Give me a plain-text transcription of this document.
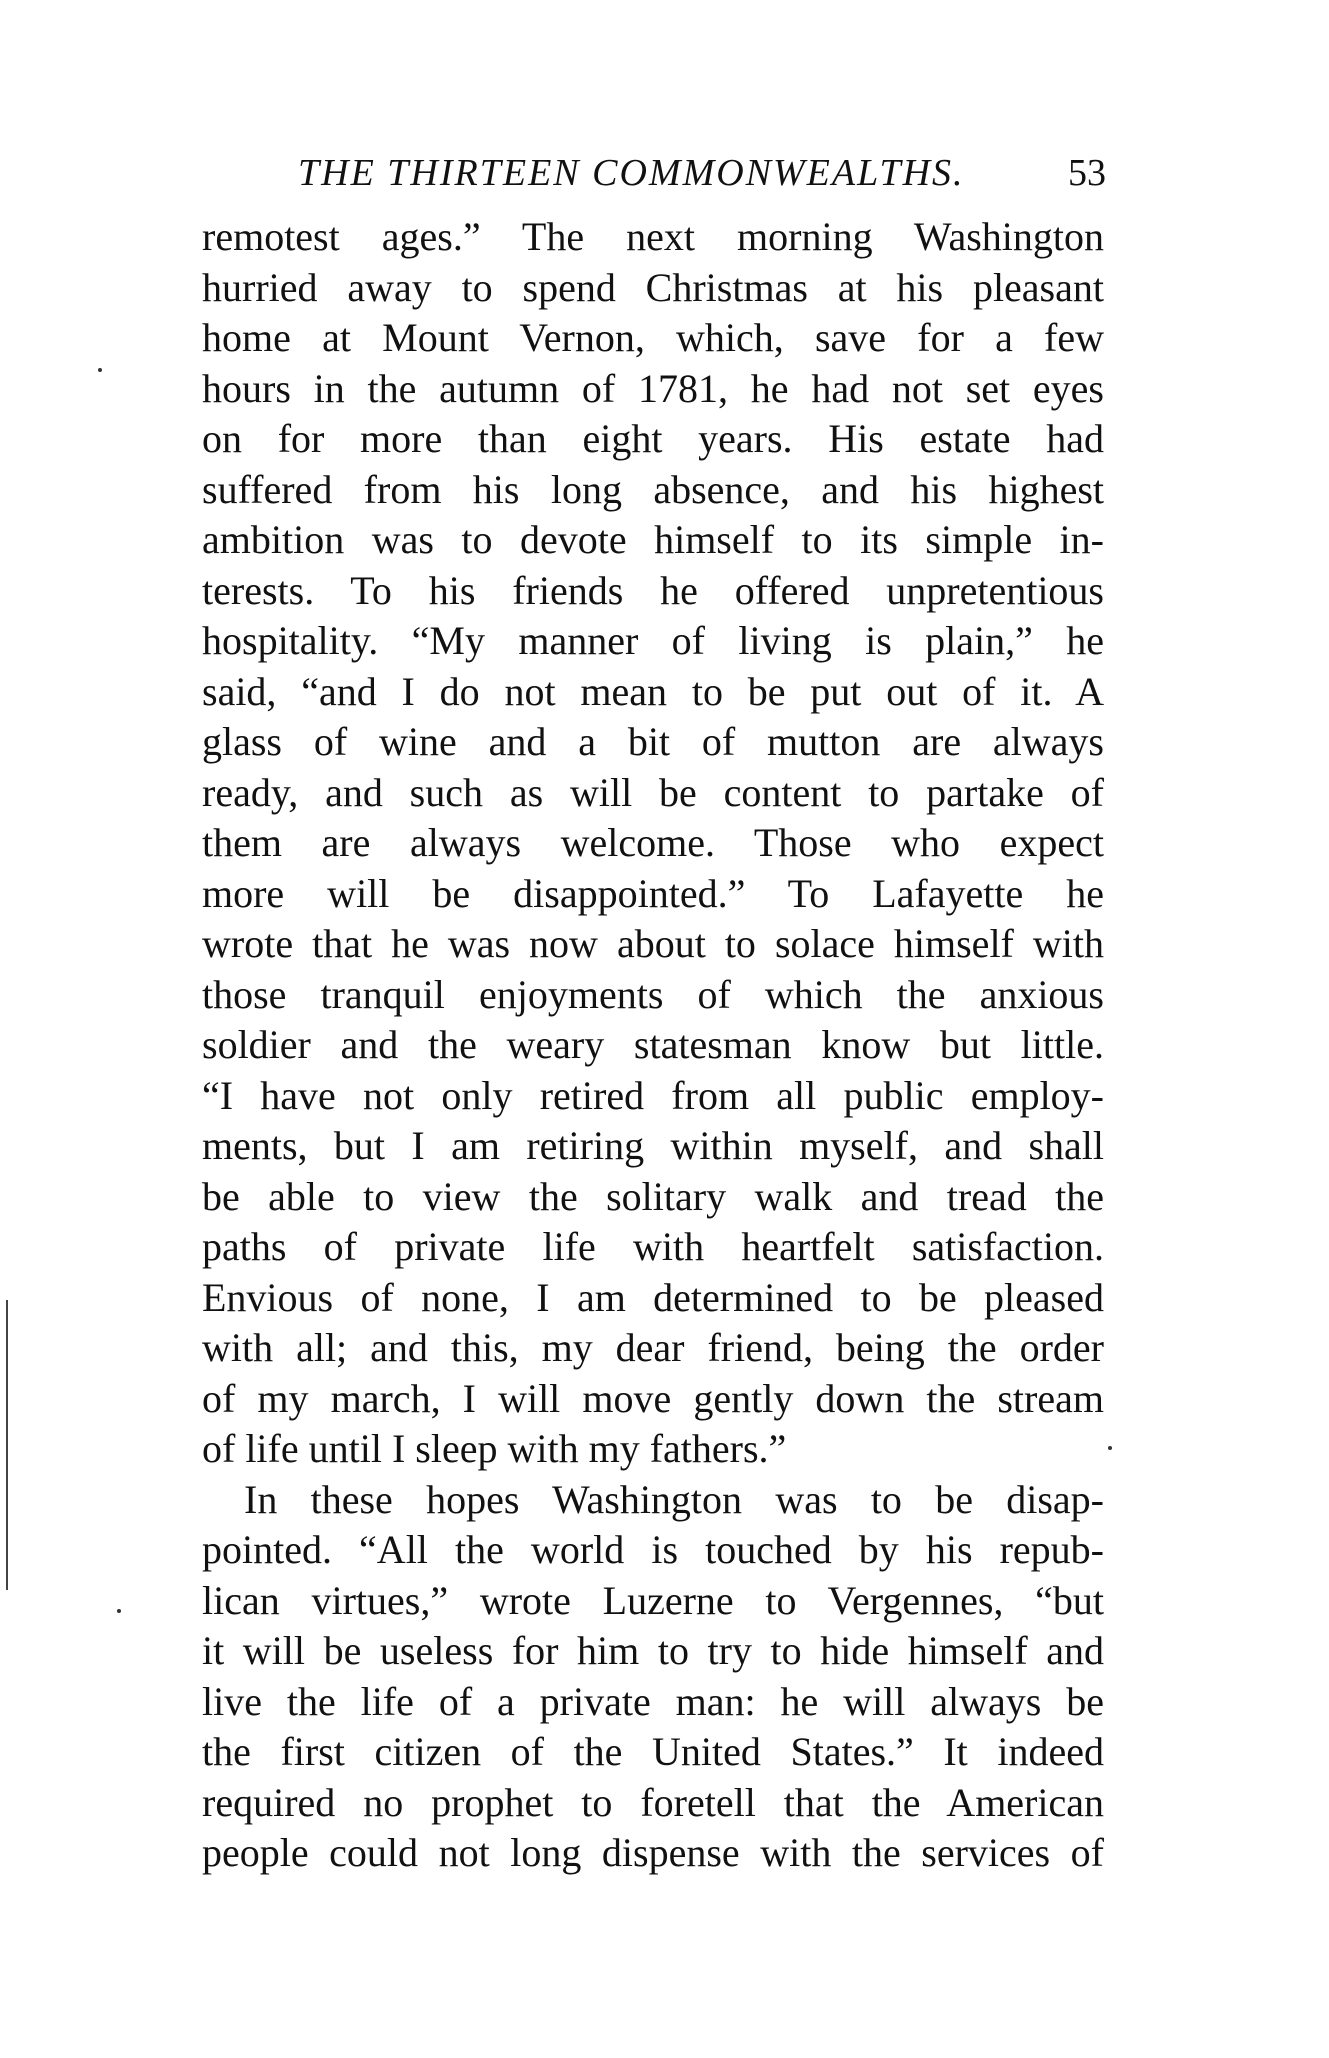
THE THIRTEEN COMMONWEALTHS.	53
remotest ages.” The next morning Washington
hurried away to spend Christmas at his pleasant
home at Mount Vernon, which, save for a few
hours in the autumn of 1781, he had not set eyes
on for more than eight years. His estate had
suffered from his long absence, and his highest
ambition was to devote himself to its simple in-
terests. To his friends he offered unpretentious
hospitality. “My manner of living is plain,” he
said, “and I do not mean to be put out of it. A
glass of wine and a bit of mutton are always
ready, and such as will be content to partake of
them are always welcome. Those who expect
more will be disappointed.” To Lafayette he
wrote that he was now about to solace himself with
those tranquil enjoyments of which the anxious
soldier and the weary statesman know but little.
“I have not only retired from all public employ-
ments, but I am retiring within myself, and shall
be able to view the solitary walk and tread the
paths of private life with heartfelt satisfaction.
Envious of none, I am determined to be pleased
with all; and this, my dear friend, being the order
of my march, I will move gently down the stream
of life until I sleep with my fathers.”
In these hopes Washington was to be disap-
pointed. “All the world is touched by his repub-
lican virtues,” wrote Luzerne to Vergennes, “but
it will be useless for him to try to hide himself and
live the life of a private man: he will always be
the first citizen of the United States.” It indeed
required no prophet to foretell that the American
people could not long dispense with the services of
